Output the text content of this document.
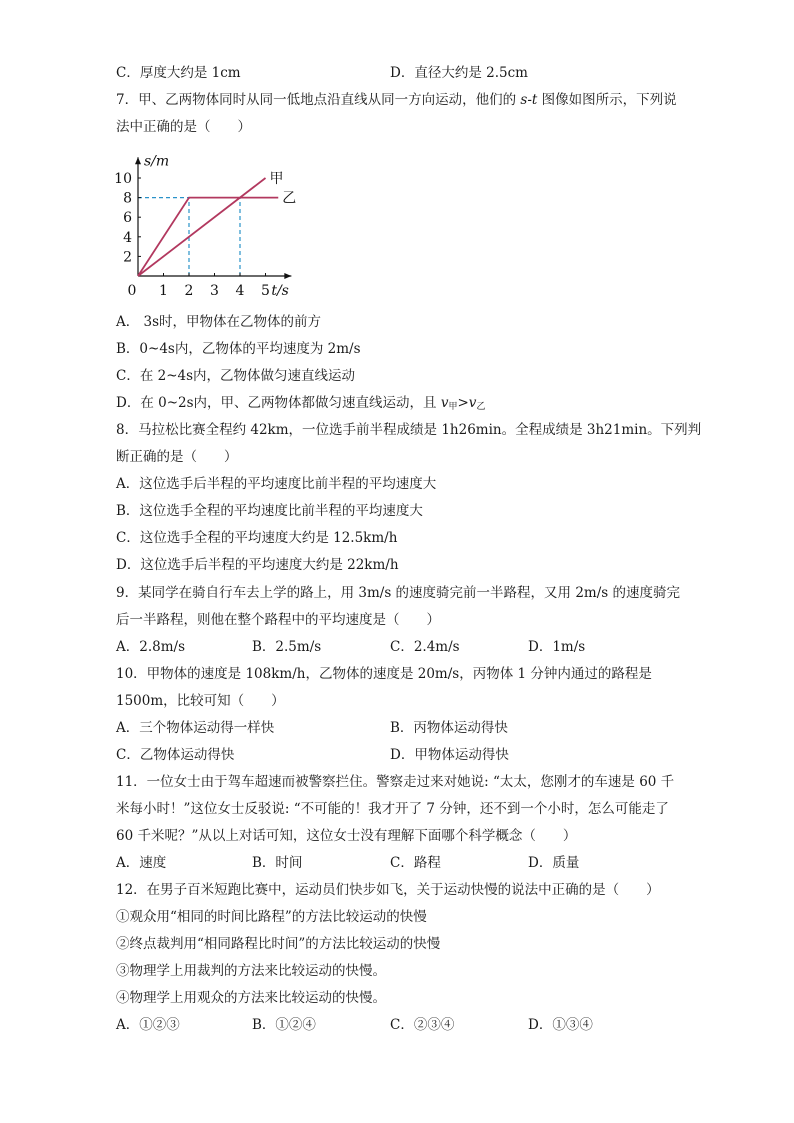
C．厚度大约是 1cm	D．直径大约是 2.5cm
7．甲、乙两物体同时从同一低地点沿直线从同一方向运动，他们的 s-t 图像如图所示，下列说
法中正确的是（　　）
甲
乙
0 1 2 3 4 5
2
4
6
8
10
s/m
t/s
A． 3s时，甲物体在乙物体的前方
B．0~4s内，乙物体的平均速度为 2m/s
C．在 2~4s内，乙物体做匀速直线运动
D．在 0~2s内，甲、乙两物体都做匀速直线运动，且 $v_甲>v_乙$
8．马拉松比赛全程约 42km，一位选手前半程成绩是 1h26min。全程成绩是 3h21min。下列判
断正确的是（　　）
A．这位选手后半程的平均速度比前半程的平均速度大
B．这位选手全程的平均速度比前半程的平均速度大
C．这位选手全程的平均速度大约是 12.5km/h
D．这位选手后半程的平均速度大约是 22km/h
9．某同学在骑自行车去上学的路上，用 3m/s 的速度骑完前一半路程，又用 2m/s 的速度骑完
后一半路程，则他在整个路程中的平均速度是（　　）
A．2.8m/s	B．2.5m/s	C．2.4m/s	D．1m/s
10．甲物体的速度是 108km/h，乙物体的速度是 20m/s，丙物体 1 分钟内通过的路程是
1500m，比较可知（　　）
A．三个物体运动得一样快	B．丙物体运动得快
C．乙物体运动得快	D．甲物体运动得快
11．一位女士由于驾车超速而被警察拦住。警察走过来对她说: “太太，您刚才的车速是 60 千
米每小时！”这位女士反驳说: “不可能的！我才开了 7 分钟，还不到一个小时，怎么可能走了
60 千米呢？”从以上对话可知，这位女士没有理解下面哪个科学概念（　　）
A．速度	B．时间	C．路程	D．质量
12．在男子百米短跑比赛中，运动员们快步如飞，关于运动快慢的说法中正确的是（　　）
①观众用“相同的时间比路程”的方法比较运动的快慢
②终点裁判用“相同路程比时间”的方法比较运动的快慢
③物理学上用裁判的方法来比较运动的快慢。
④物理学上用观众的方法来比较运动的快慢。
A．①②③	B．①②④	C．②③④	D．①③④
